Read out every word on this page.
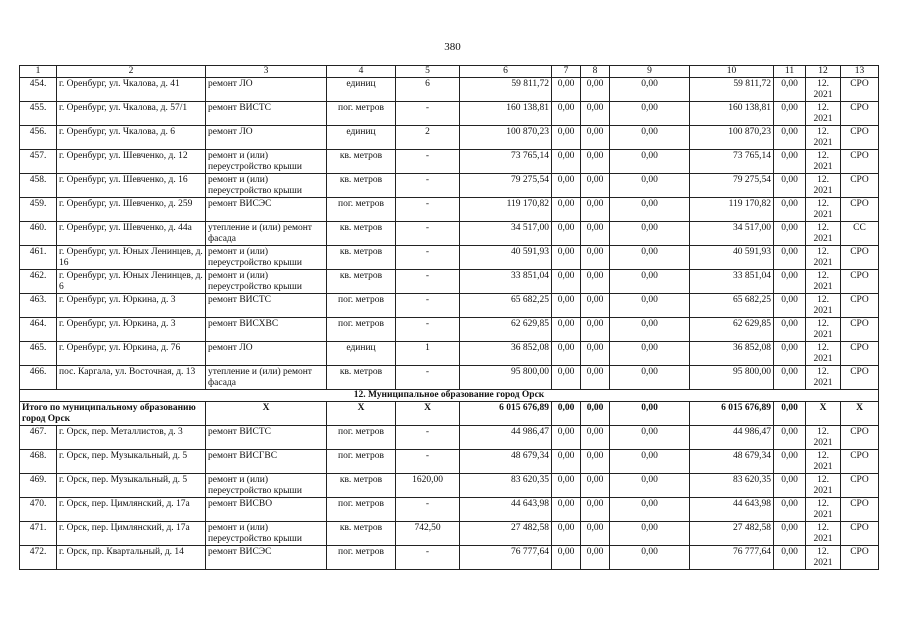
380
1	2	3	4	5	6	7	8	9	10	11	12	13
454.	г. Оренбург, ул. Чкалова, д. 41	ремонт ЛО	единиц	6	59 811,72	0,00	0,00	0,00	59 811,72	0,00	12. 2021	СРО
455.	г. Оренбург, ул. Чкалова, д. 57/1	ремонт ВИСТС	пог. метров	-	160 138,81	0,00	0,00	0,00	160 138,81	0,00	12. 2021	СРО
456.	г. Оренбург, ул. Чкалова, д. 6	ремонт ЛО	единиц	2	100 870,23	0,00	0,00	0,00	100 870,23	0,00	12. 2021	СРО
457.	г. Оренбург, ул. Шевченко, д. 12	ремонт и (или) переустройство крыши	кв. метров	-	73 765,14	0,00	0,00	0,00	73 765,14	0,00	12. 2021	СРО
458.	г. Оренбург, ул. Шевченко, д. 16	ремонт и (или) переустройство крыши	кв. метров	-	79 275,54	0,00	0,00	0,00	79 275,54	0,00	12. 2021	СРО
459.	г. Оренбург, ул. Шевченко, д. 259	ремонт ВИСЭС	пог. метров	-	119 170,82	0,00	0,00	0,00	119 170,82	0,00	12. 2021	СРО
460.	г. Оренбург, ул. Шевченко, д. 44а	утепление и (или) ремонт фасада	кв. метров	-	34 517,00	0,00	0,00	0,00	34 517,00	0,00	12. 2021	СС
461.	г. Оренбург, ул. Юных Ленинцев, д. 16	ремонт и (или) переустройство крыши	кв. метров	-	40 591,93	0,00	0,00	0,00	40 591,93	0,00	12. 2021	СРО
462.	г. Оренбург, ул. Юных Ленинцев, д. 6	ремонт и (или) переустройство крыши	кв. метров	-	33 851,04	0,00	0,00	0,00	33 851,04	0,00	12. 2021	СРО
463.	г. Оренбург, ул. Юркина, д. 3	ремонт ВИСТС	пог. метров	-	65 682,25	0,00	0,00	0,00	65 682,25	0,00	12. 2021	СРО
464.	г. Оренбург, ул. Юркина, д. 3	ремонт ВИСХВС	пог. метров	-	62 629,85	0,00	0,00	0,00	62 629,85	0,00	12. 2021	СРО
465.	г. Оренбург, ул. Юркина, д. 76	ремонт ЛО	единиц	1	36 852,08	0,00	0,00	0,00	36 852,08	0,00	12. 2021	СРО
466.	пос. Каргала, ул. Восточная, д. 13	утепление и (или) ремонт фасада	кв. метров	-	95 800,00	0,00	0,00	0,00	95 800,00	0,00	12. 2021	СРО
12. Муниципальное образование город Орск												
Итого по муниципальному образованию город Орск		X	X	X	6 015 676,89	0,00	0,00	0,00	6 015 676,89	0,00	X	X
467.	г. Орск, пер. Металлистов, д. 3	ремонт ВИСТС	пог. метров	-	44 986,47	0,00	0,00	0,00	44 986,47	0,00	12. 2021	СРО
468.	г. Орск, пер. Музыкальный, д. 5	ремонт ВИСГВС	пог. метров	-	48 679,34	0,00	0,00	0,00	48 679,34	0,00	12. 2021	СРО
469.	г. Орск, пер. Музыкальный, д. 5	ремонт и (или) переустройство крыши	кв. метров	1620,00	83 620,35	0,00	0,00	0,00	83 620,35	0,00	12. 2021	СРО
470.	г. Орск, пер. Цимлянский, д. 17а	ремонт ВИСВО	пог. метров	-	44 643,98	0,00	0,00	0,00	44 643,98	0,00	12. 2021	СРО
471.	г. Орск, пер. Цимлянский, д. 17а	ремонт и (или) переустройство крыши	кв. метров	742,50	27 482,58	0,00	0,00	0,00	27 482,58	0,00	12. 2021	СРО
472.	г. Орск, пр. Квартальный, д. 14	ремонт ВИСЭС	пог. метров	-	76 777,64	0,00	0,00	0,00	76 777,64	0,00	12. 2021	СРО
